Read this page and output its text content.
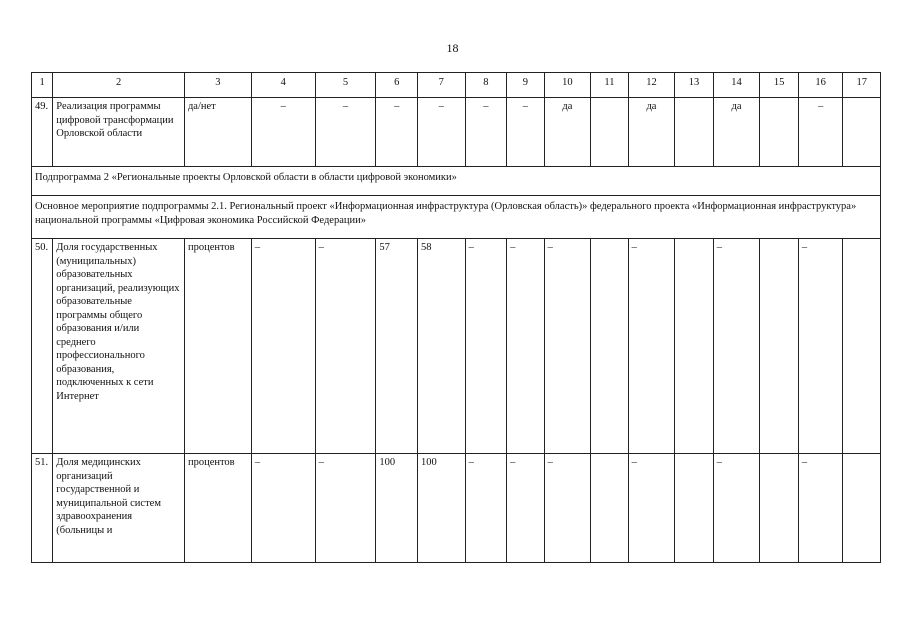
18
1	2	3	4	5	6	7	8	9	10	11	12	13	14	15	16	17
49.	Реализация программы цифровой трансформации Орловской области	да/нет	–	–	–	–	–	–	да		да		да		–	
Подпрограмма 2 «Региональные проекты Орловской области в области цифровой экономики»																
Основное мероприятие подпрограммы 2.1. Региональный проект «Информационная инфраструктура (Орловская область)» федерального проекта «Информационная инфраструктура» национальной программы «Цифровая экономика Российской Федерации»																
50.	Доля государственных (муниципальных) образовательных организаций, реализующих образовательные программы общего образования и/или среднего профессионального образования, подключенных к сети Интернет	процентов	–	–	57	58	–	–	–		–		–		–	
51.	Доля медицинских организаций государственной и муниципальной систем здравоохранения (больницы и	процентов	–	–	100	100	–	–	–		–		–		–	
